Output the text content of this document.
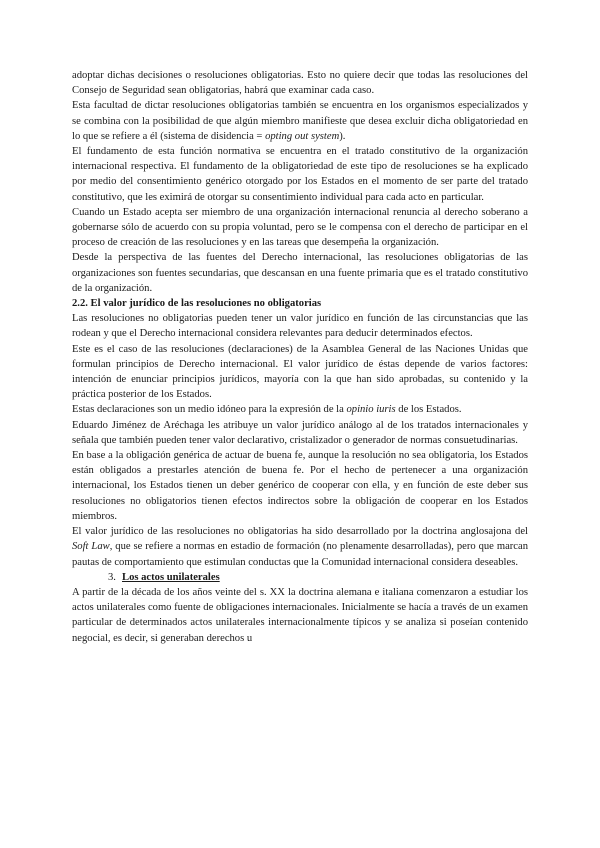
adoptar dichas decisiones o resoluciones obligatorias. Esto no quiere decir que todas las resoluciones del Consejo de Seguridad sean obligatorias, habrá que examinar cada caso.

Esta facultad de dictar resoluciones obligatorias también se encuentra en los organismos especializados y se combina con la posibilidad de que algún miembro manifieste que desea excluir dicha obligatoriedad en lo que se refiere a él (sistema de disidencia = opting out system).

El fundamento de esta función normativa se encuentra en el tratado constitutivo de la organización internacional respectiva. El fundamento de la obligatoriedad de este tipo de resoluciones se ha explicado por medio del consentimiento genérico otorgado por los Estados en el momento de ser parte del tratado constitutivo, que les eximirá de otorgar su consentimiento individual para cada acto en particular.

Cuando un Estado acepta ser miembro de una organización internacional renuncia al derecho soberano a gobernarse sólo de acuerdo con su propia voluntad, pero se le compensa con el derecho de participar en el proceso de creación de las resoluciones y en las tareas que desempeña la organización.

Desde la perspectiva de las fuentes del Derecho internacional, las resoluciones obligatorias de las organizaciones son fuentes secundarias, que descansan en una fuente primaria que es el tratado constitutivo de la organización.

2.2. El valor jurídico de las resoluciones no obligatorias

Las resoluciones no obligatorias pueden tener un valor jurídico en función de las circunstancias que las rodean y que el Derecho internacional considera relevantes para deducir determinados efectos.

Este es el caso de las resoluciones (declaraciones) de la Asamblea General de las Naciones Unidas que formulan principios de Derecho internacional. El valor jurídico de éstas depende de varios factores: intención de enunciar principios jurídicos, mayoría con la que han sido aprobadas, su contenido y la práctica posterior de los Estados.

Estas declaraciones son un medio idóneo para la expresión de la opinio iuris de los Estados.

Eduardo Jiménez de Aréchaga les atribuye un valor jurídico análogo al de los tratados internacionales y señala que también pueden tener valor declarativo, cristalizador o generador de normas consuetudinarias.

En base a la obligación genérica de actuar de buena fe, aunque la resolución no sea obligatoria, los Estados están obligados a prestarles atención de buena fe. Por el hecho de pertenecer a una organización internacional, los Estados tienen un deber genérico de cooperar con ella, y en función de este deber sus resoluciones no obligatorios tienen efectos indirectos sobre la obligación de cooperar en los Estados miembros.

El valor jurídico de las resoluciones no obligatorias ha sido desarrollado por la doctrina anglosajona del Soft Law, que se refiere a normas en estadio de formación (no plenamente desarrolladas), pero que marcan pautas de comportamiento que estimulan conductas que la Comunidad internacional considera deseables.

3. Los actos unilaterales

A partir de la década de los años veinte del s. XX la doctrina alemana e italiana comenzaron a estudiar los actos unilaterales como fuente de obligaciones internacionales. Inicialmente se hacía a través de un examen particular de determinados actos unilaterales internacionalmente típicos y se analiza si poseían contenido negocial, es decir, si generaban derechos u
